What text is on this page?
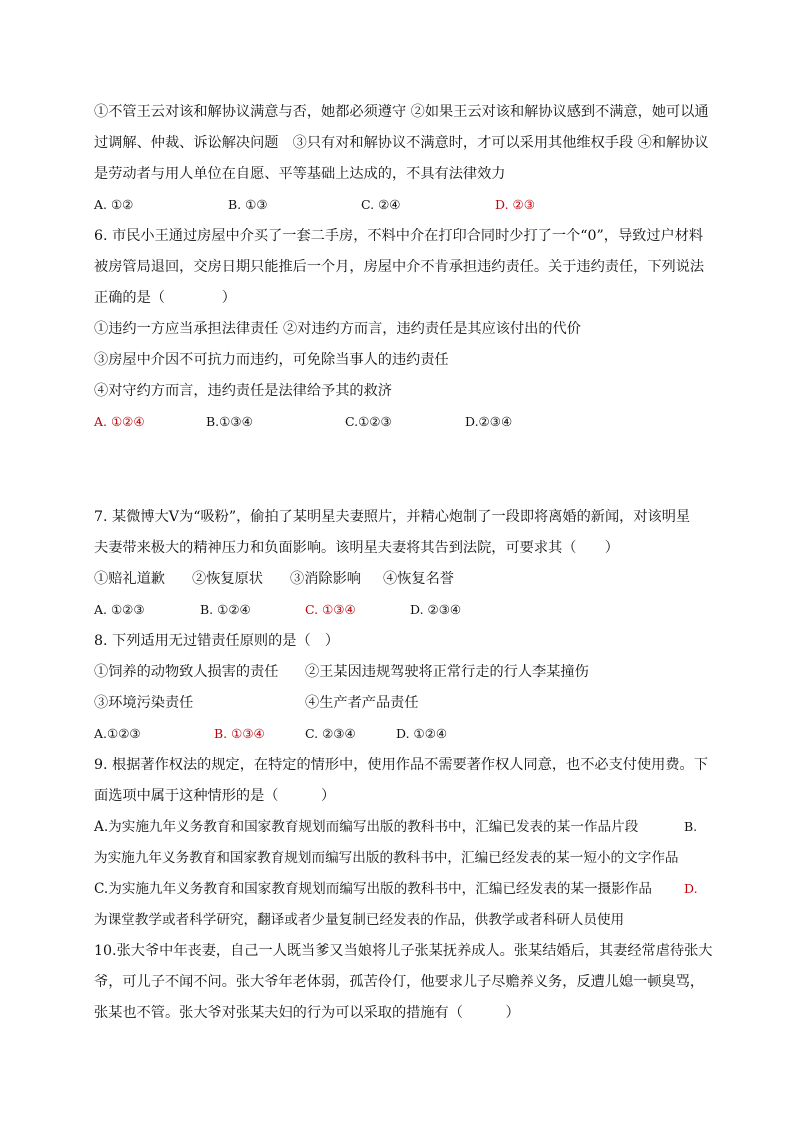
①不管王云对该和解协议满意与否，她都必须遵守 ②如果王云对该和解协议感到不满意，她可以通
过调解、仲裁、诉讼解决问题　③只有对和解协议不满意时，才可以采用其他维权手段 ④和解协议
是劳动者与用人单位在自愿、平等基础上达成的，不具有法律效力
A. ①②	B. ①③	C. ②④	D. ②③
6. 市民小王通过房屋中介买了一套二手房，不料中介在打印合同时少打了一个“0”，导致过户材料
被房管局退回，交房日期只能推后一个月，房屋中介不肯承担违约责任。关于违约责任，下列说法
正确的是（　　　　）
①违约一方应当承担法律责任 ②对违约方而言，违约责任是其应该付出的代价
③房屋中介因不可抗力而违约，可免除当事人的违约责任
④对守约方而言，违约责任是法律给予其的救济
A. ①②④	B.①③④	C.①②③	D.②③④
7. 某微博大V为“吸粉”，偷拍了某明星夫妻照片，并精心炮制了一段即将离婚的新闻，对该明星
夫妻带来极大的精神压力和负面影响。该明星夫妻将其告到法院，可要求其（　　）
①赔礼道歉 ②恢复原状 ③消除影响 ④恢复名誉
A. ①②③	B. ①②④	C. ①③④	D. ②③④
8. 下列适用无过错责任原则的是（　）
①饲养的动物致人损害的责任 ②王某因违规驾驶将正常行走的行人李某撞伤
③环境污染责任	④生产者产品责任
A.①②③	B. ①③④	C. ②③④	D. ①②④
9. 根据著作权法的规定，在特定的情形中，使用作品不需要著作权人同意，也不必支付使用费。下
面选项中属于这种情形的是（　　　）
A.为实施九年义务教育和国家教育规划而编写出版的教科书中，汇编已发表的某一作品片段	B.
为实施九年义务教育和国家教育规划而编写出版的教科书中，汇编已经发表的某一短小的文字作品
C.为实施九年义务教育和国家教育规划而编写出版的教科书中，汇编已经发表的某一摄影作品	D.
为课堂教学或者科学研究，翻译或者少量复制已经发表的作品，供教学或者科研人员使用
10.张大爷中年丧妻，自己一人既当爹又当娘将儿子张某抚养成人。张某结婚后，其妻经常虐待张大
爷，可儿子不闻不问。张大爷年老体弱，孤苦伶仃，他要求儿子尽赡养义务，反遭儿媳一顿臭骂，
张某也不管。张大爷对张某夫妇的行为可以采取的措施有（　　　）
